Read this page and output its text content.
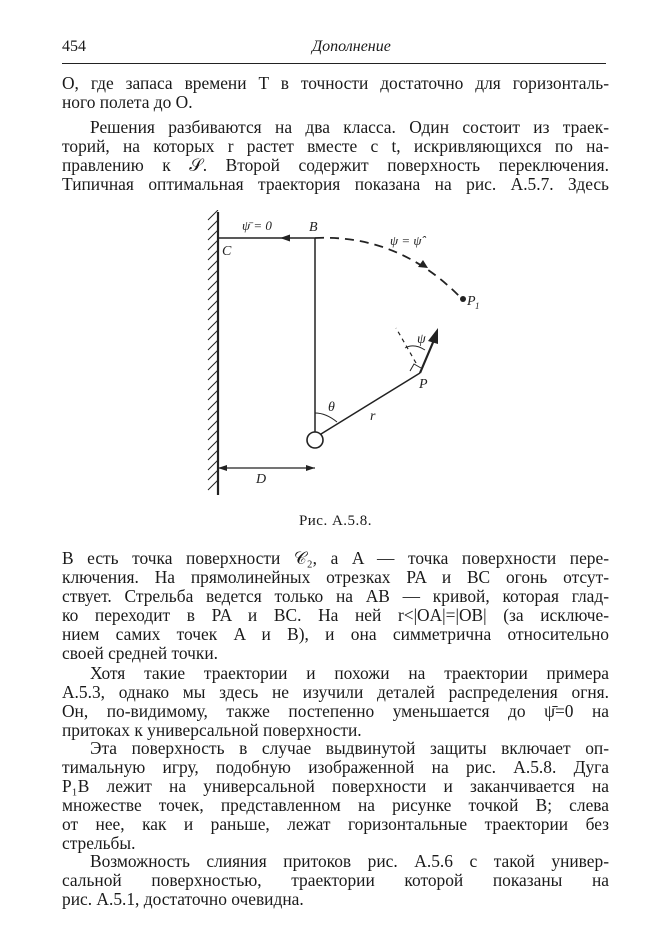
454	Дополнение
O, где запаса времени T в точности достаточно для горизонталь-
ного полета до O.
Решения разбиваются на два класса. Один состоит из траек-
торий, на которых r растет вместе с t, искривляющихся по на-
правлению к 𝒮. Второй содержит поверхность переключения.
Типичная оптимальная траектория показана на рис. А.5.7. Здесь
ψ̄ = 0	B
C
ψ = ψ̂
P 1
ψ
P
θ
r
D
Рис. А.5.8.
B есть точка поверхности 𝒞₂, а A — точка поверхности пере-
ключения. На прямолинейных отрезках PA и BC огонь отсут-
ствует. Стрельба ведется только на AB — кривой, которая глад-
ко переходит в PA и BC. На ней r<|OA|=|OB| (за исключе-
нием самих точек A и B), и она симметрична относительно
своей средней точки.
Хотя такие траектории и похожи на траектории примера
А.5.3, однако мы здесь не изучили деталей распределения огня.
Он, по-видимому, также постепенно уменьшается до ψ̄=0 на
притоках к универсальной поверхности.
Эта поверхность в случае выдвинутой защиты включает оп-
тимальную игру, подобную изображенной на рис. А.5.8. Дуга
P₁B лежит на универсальной поверхности и заканчивается на
множестве точек, представленном на рисунке точкой B; слева
от нее, как и раньше, лежат горизонтальные траектории без
стрельбы.
Возможность слияния притоков рис. А.5.6 с такой универ-
сальной поверхностью, траектории которой показаны на
рис. А.5.1, достаточно очевидна.
